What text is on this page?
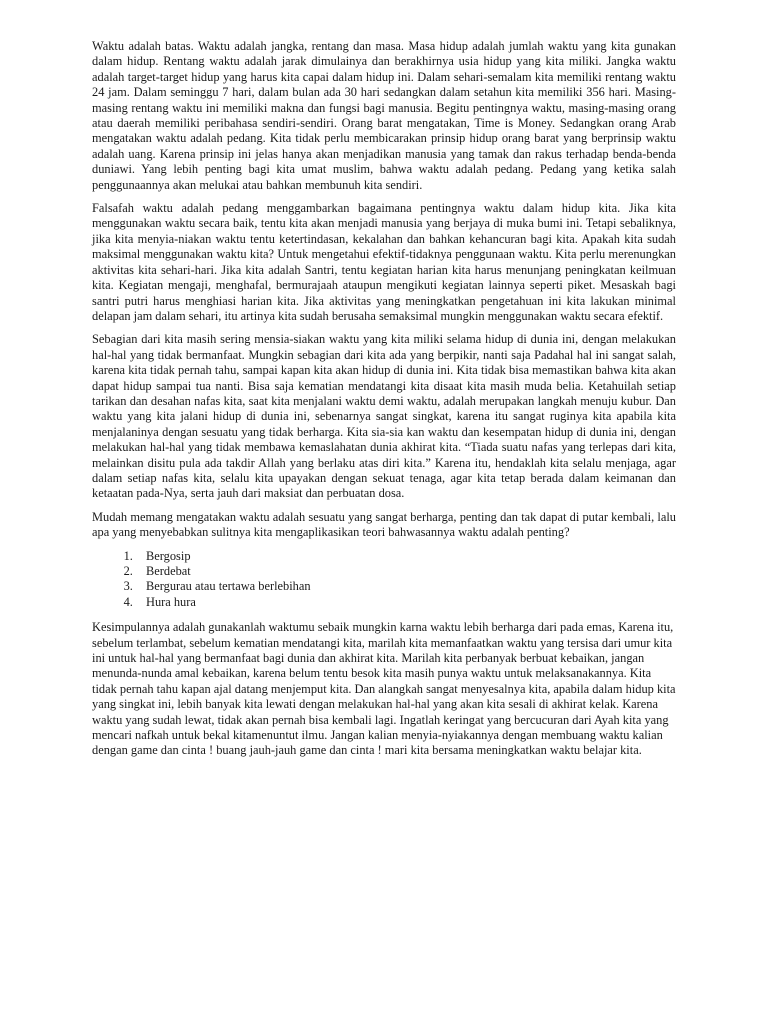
Waktu adalah batas. Waktu adalah jangka, rentang dan masa. Masa hidup adalah jumlah waktu yang kita gunakan dalam hidup. Rentang waktu adalah jarak dimulainya dan berakhirnya usia hidup yang kita miliki. Jangka waktu adalah target-target hidup yang harus kita capai dalam hidup ini. Dalam sehari-semalam kita memiliki rentang waktu 24 jam. Dalam seminggu 7 hari, dalam bulan ada 30 hari sedangkan dalam setahun kita memiliki 356 hari. Masing-masing rentang waktu ini memiliki makna dan fungsi bagi manusia. Begitu pentingnya waktu, masing-masing orang atau daerah memiliki peribahasa sendiri-sendiri. Orang barat mengatakan, Time is Money. Sedangkan orang Arab mengatakan waktu adalah pedang. Kita tidak perlu membicarakan prinsip hidup orang barat yang berprinsip waktu adalah uang. Karena prinsip ini jelas hanya akan menjadikan manusia yang tamak dan rakus terhadap benda-benda duniawi. Yang lebih penting bagi kita umat muslim, bahwa waktu adalah pedang. Pedang yang ketika salah penggunaannya akan melukai atau bahkan membunuh kita sendiri.

Falsafah waktu adalah pedang menggambarkan bagaimana pentingnya waktu dalam hidup kita. Jika kita menggunakan waktu secara baik, tentu kita akan menjadi manusia yang berjaya di muka bumi ini. Tetapi sebaliknya, jika kita menyia-niakan waktu tentu ketertindasan, kekalahan dan bahkan kehancuran bagi kita. Apakah kita sudah maksimal menggunakan waktu kita? Untuk mengetahui efektif-tidaknya penggunaan waktu. Kita perlu merenungkan aktivitas kita sehari-hari. Jika kita adalah Santri, tentu kegiatan harian kita harus menunjang peningkatan keilmuan kita. Kegiatan mengaji, menghafal, bermurajaah ataupun mengikuti kegiatan lainnya seperti piket. Mesaskah bagi santri putri harus menghiasi harian kita. Jika aktivitas yang meningkatkan pengetahuan ini kita lakukan minimal delapan jam dalam sehari, itu artinya kita sudah berusaha semaksimal mungkin menggunakan waktu secara efektif.

Sebagian dari kita masih sering mensia-siakan waktu yang kita miliki selama hidup di dunia ini, dengan melakukan hal-hal yang tidak bermanfaat. Mungkin sebagian dari kita ada yang berpikir, nanti saja Padahal hal ini sangat salah, karena kita tidak pernah tahu, sampai kapan kita akan hidup di dunia ini. Kita tidak bisa memastikan bahwa kita akan dapat hidup sampai tua nanti. Bisa saja kematian mendatangi kita disaat kita masih muda belia. Ketahuilah setiap tarikan dan desahan nafas kita, saat kita menjalani waktu demi waktu, adalah merupakan langkah menuju kubur. Dan waktu yang kita jalani hidup di dunia ini, sebenarnya sangat singkat, karena itu sangat ruginya kita apabila kita menjalaninya dengan sesuatu yang tidak berharga. Kita sia-sia kan waktu dan kesempatan hidup di dunia ini, dengan melakukan hal-hal yang tidak membawa kemaslahatan dunia akhirat kita. “Tiada suatu nafas yang terlepas dari kita, melainkan disitu pula ada takdir Allah yang berlaku atas diri kita.” Karena itu, hendaklah kita selalu menjaga, agar dalam setiap nafas kita, selalu kita upayakan dengan sekuat tenaga, agar kita tetap berada dalam keimanan dan ketaatan pada-Nya, serta jauh dari maksiat dan perbuatan dosa.

Mudah memang mengatakan waktu adalah sesuatu yang sangat berharga, penting dan tak dapat di putar kembali, lalu apa yang menyebabkan sulitnya kita mengaplikasikan teori bahwasannya waktu adalah penting?

1. Bergosip
2. Berdebat
3. Bergurau atau tertawa berlebihan
4. Hura hura

Kesimpulannya adalah gunakanlah waktumu sebaik mungkin karna waktu lebih berharga dari pada emas, Karena itu, sebelum terlambat, sebelum kematian mendatangi kita, marilah kita memanfaatkan waktu yang tersisa dari umur kita ini untuk hal-hal yang bermanfaat bagi dunia dan akhirat kita. Marilah kita perbanyak berbuat kebaikan, jangan menunda-nunda amal kebaikan, karena belum tentu besok kita masih punya waktu untuk melaksanakannya. Kita tidak pernah tahu kapan ajal datang menjemput kita. Dan alangkah sangat menyesalnya kita, apabila dalam hidup kita yang singkat ini, lebih banyak kita lewati dengan melakukan hal-hal yang akan kita sesali di akhirat kelak. Karena waktu yang sudah lewat, tidak akan pernah bisa kembali lagi. Ingatlah keringat yang bercucuran dari Ayah kita yang mencari nafkah untuk bekal kitamenuntut ilmu. Jangan kalian menyia-nyiakannya dengan membuang waktu kalian dengan game dan cinta ! buang jauh-jauh game dan cinta ! mari kita bersama meningkatkan waktu belajar kita.
